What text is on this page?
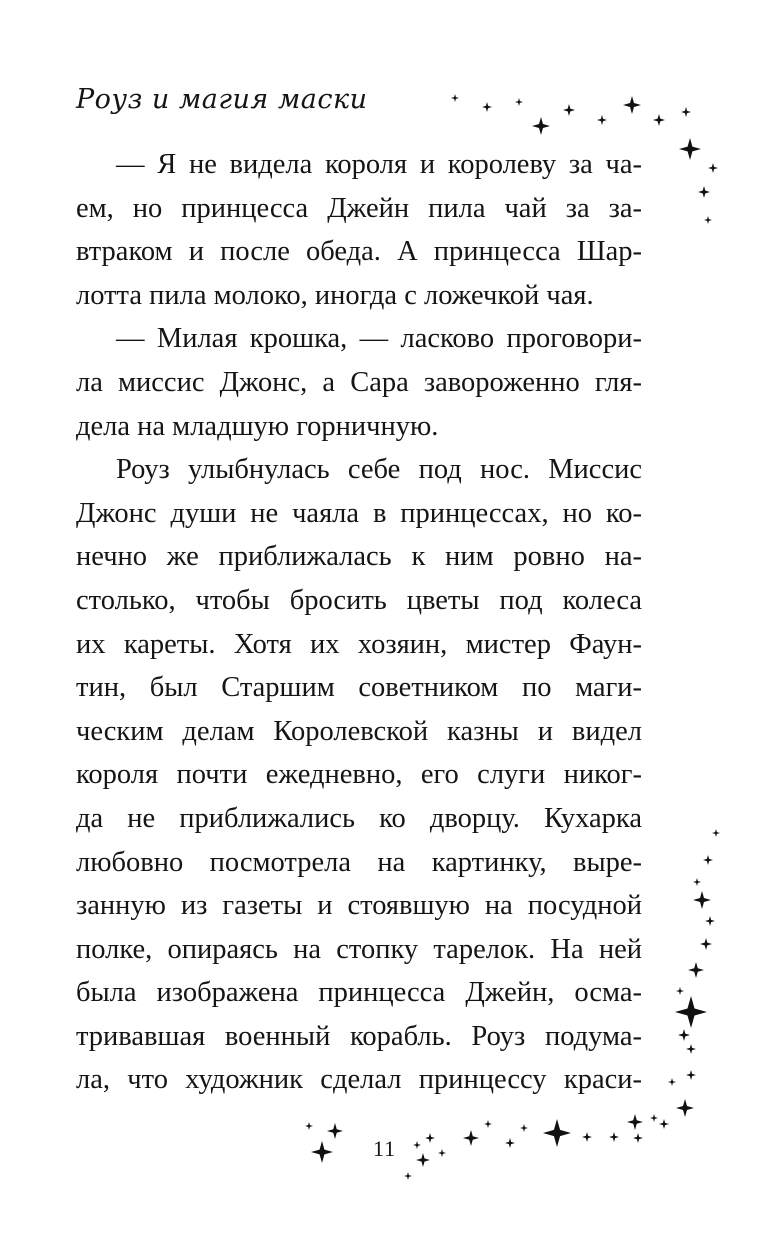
Роуз и магия маски
— Я не видела короля и королеву за ча-
ем, но принцесса Джейн пила чай за за-
втраком и после обеда. А принцесса Шар-
лотта пила молоко, иногда с ложечкой чая.
— Милая крошка, — ласково проговори-
ла миссис Джонс, а Сара завороженно гля-
дела на младшую горничную.
Роуз улыбнулась себе под нос. Миссис
Джонс души не чаяла в принцессах, но ко-
нечно же приближалась к ним ровно на-
столько, чтобы бросить цветы под колеса
их кареты. Хотя их хозяин, мистер Фаун-
тин, был Старшим советником по маги-
ческим делам Королевской казны и видел
короля почти ежедневно, его слуги никог-
да не приближались ко дворцу. Кухарка
любовно посмотрела на картинку, выре-
занную из газеты и стоявшую на посудной
полке, опираясь на стопку тарелок. На ней
была изображена принцесса Джейн, осма-
тривавшая военный корабль. Роуз подума-
ла, что художник сделал принцессу краси-
11
